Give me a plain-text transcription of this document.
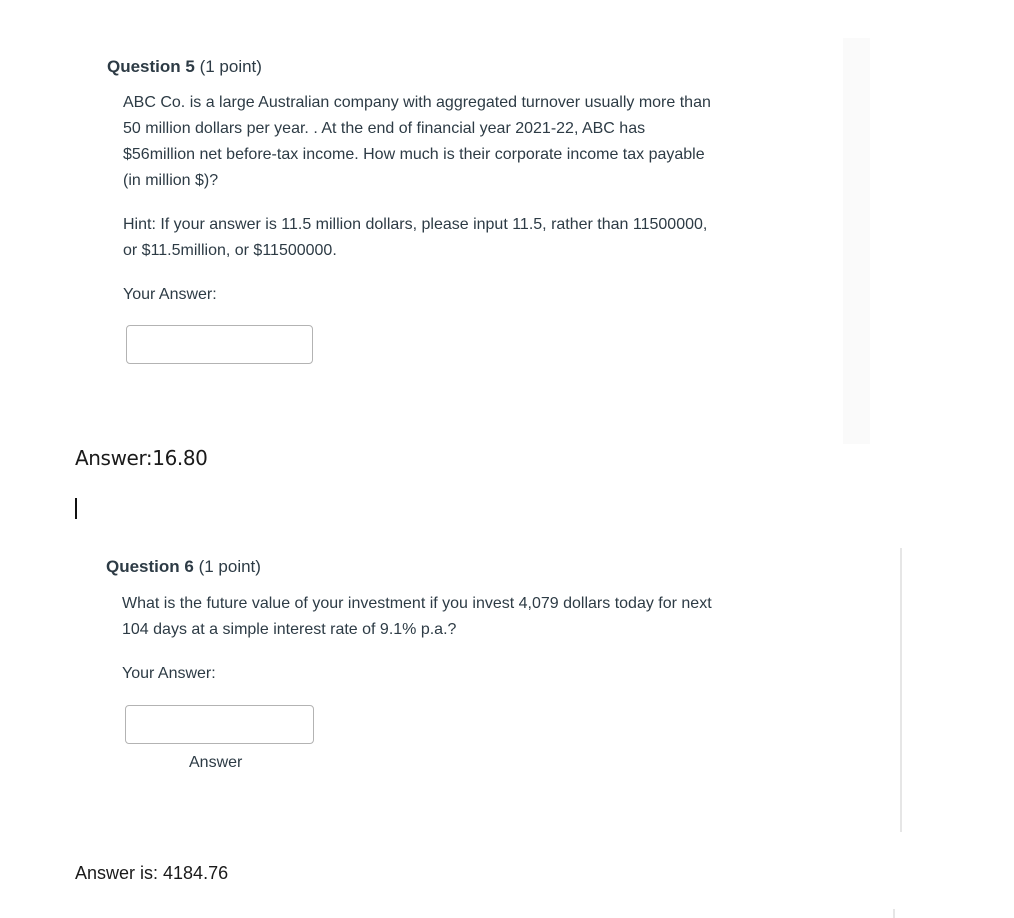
Question 5 (1 point)

ABC Co. is a large Australian company with aggregated turnover usually more than

50 million dollars per year. . At the end of financial year 2021-22, ABC has

$56million net before-tax income. How much is their corporate income tax payable

(in million $)?

Hint: If your answer is 11.5 million dollars, please input 11.5, rather than 11500000,

or $11.5million, or $11500000.

Your Answer:
Answer:16.80
Question 6 (1 point)

What is the future value of your investment if you invest 4,079 dollars today for next

104 days at a simple interest rate of 9.1% p.a.?

Your Answer:
Answer
Answer is: 4184.76
